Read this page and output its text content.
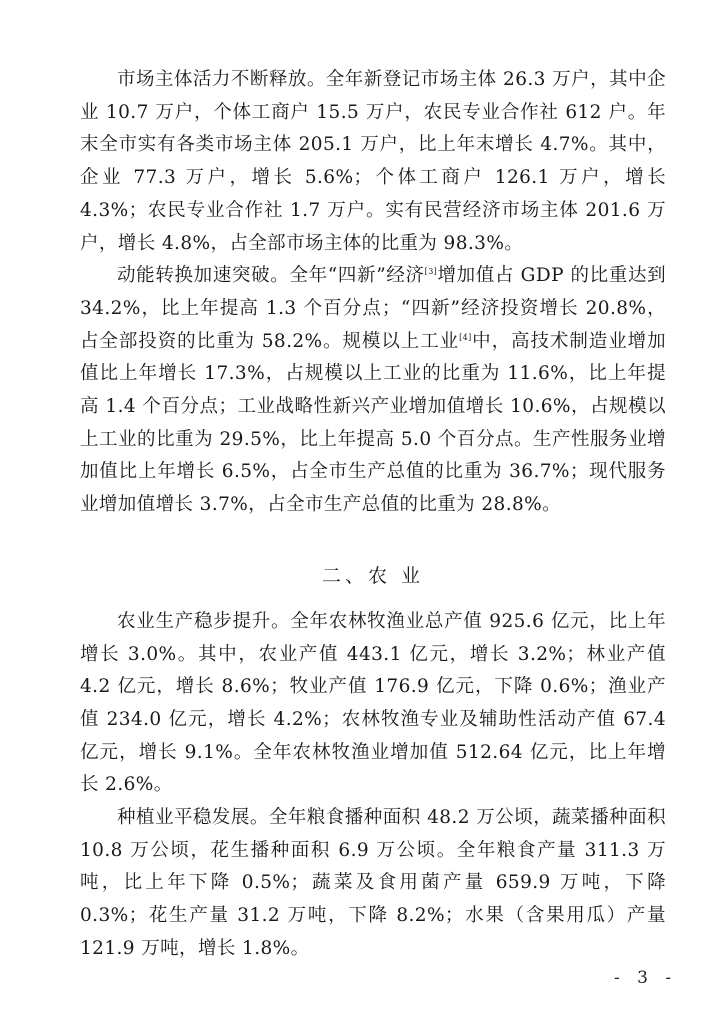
市场主体活力不断释放。全年新登记市场主体 26.3 万户，其中企业 10.7 万户，个体工商户 15.5 万户，农民专业合作社 612 户。年末全市实有各类市场主体 205.1 万户，比上年末增长 4.7%。其中，企业 77.3 万户，增长 5.6%；个体工商户 126.1 万户，增长 4.3%；农民专业合作社 1.7 万户。实有民营经济市场主体 201.6 万户，增长 4.8%，占全部市场主体的比重为 98.3%。

动能转换加速突破。全年“四新”经济[3]增加值占 GDP 的比重达到 34.2%，比上年提高 1.3 个百分点；“四新”经济投资增长 20.8%，占全部投资的比重为 58.2%。规模以上工业[4]中，高技术制造业增加值比上年增长 17.3%，占规模以上工业的比重为 11.6%，比上年提高 1.4 个百分点；工业战略性新兴产业增加值增长 10.6%，占规模以上工业的比重为 29.5%，比上年提高 5.0 个百分点。生产性服务业增加值比上年增长 6.5%，占全市生产总值的比重为 36.7%；现代服务业增加值增长 3.7%，占全市生产总值的比重为 28.8%。

二、农 业

农业生产稳步提升。全年农林牧渔业总产值 925.6 亿元，比上年增长 3.0%。其中，农业产值 443.1 亿元，增长 3.2%；林业产值 4.2 亿元，增长 8.6%；牧业产值 176.9 亿元，下降 0.6%；渔业产值 234.0 亿元，增长 4.2%；农林牧渔专业及辅助性活动产值 67.4 亿元，增长 9.1%。全年农林牧渔业增加值 512.64 亿元，比上年增长 2.6%。

种植业平稳发展。全年粮食播种面积 48.2 万公顷，蔬菜播种面积 10.8 万公顷，花生播种面积 6.9 万公顷。全年粮食产量 311.3 万吨，比上年下降 0.5%；蔬菜及食用菌产量 659.9 万吨，下降 0.3%；花生产量 31.2 万吨，下降 8.2%；水果（含果用瓜）产量 121.9 万吨，增长 1.8%。

- 3 -
